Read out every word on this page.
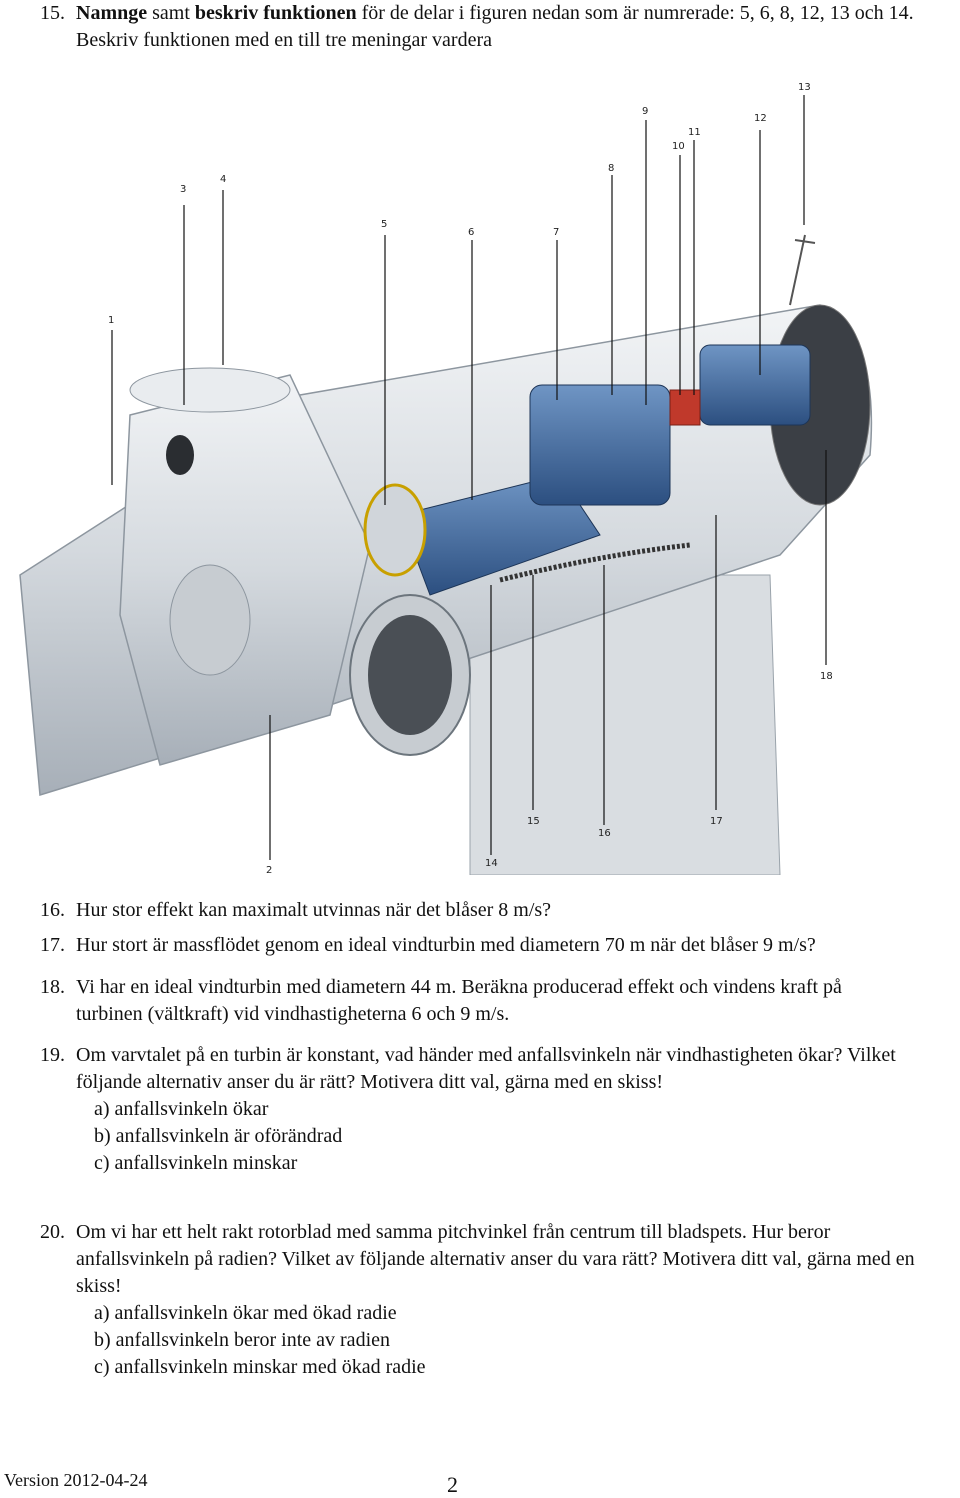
15. Namnge samt beskriv funktionen för de delar i figuren nedan som är numrerade: 5, 6, 8, 12, 13 och 14. Beskriv funktionen med en till tre meningar vardera
1
2
3
4
5
6	7
8
9
10
11
12
13
14
15
16
17
18
16. Hur stor effekt kan maximalt utvinnas när det blåser 8 m/s?
17. Hur stort är massflödet genom en ideal vindturbin med diametern 70 m när det blåser 9 m/s?
18. Vi har en ideal vindturbin med diametern 44 m. Beräkna producerad effekt och vindens kraft på turbinen (vältkraft) vid vindhastigheterna 6 och 9 m/s.
19. Om varvtalet på en turbin är konstant, vad händer med anfallsvinkeln när vindhastigheten ökar? Vilket följande alternativ anser du är rätt? Motivera ditt val, gärna med en skiss!
a) anfallsvinkeln ökar
b) anfallsvinkeln är oförändrad
c) anfallsvinkeln minskar
20. Om vi har ett helt rakt rotorblad med samma pitchvinkel från centrum till bladspets. Hur beror anfallsvinkeln på radien? Vilket av följande alternativ anser du vara rätt? Motivera ditt val, gärna med en skiss!
a) anfallsvinkeln ökar med ökad radie
b) anfallsvinkeln beror inte av radien
c) anfallsvinkeln minskar med ökad radie
Version 2012-04-24	2
